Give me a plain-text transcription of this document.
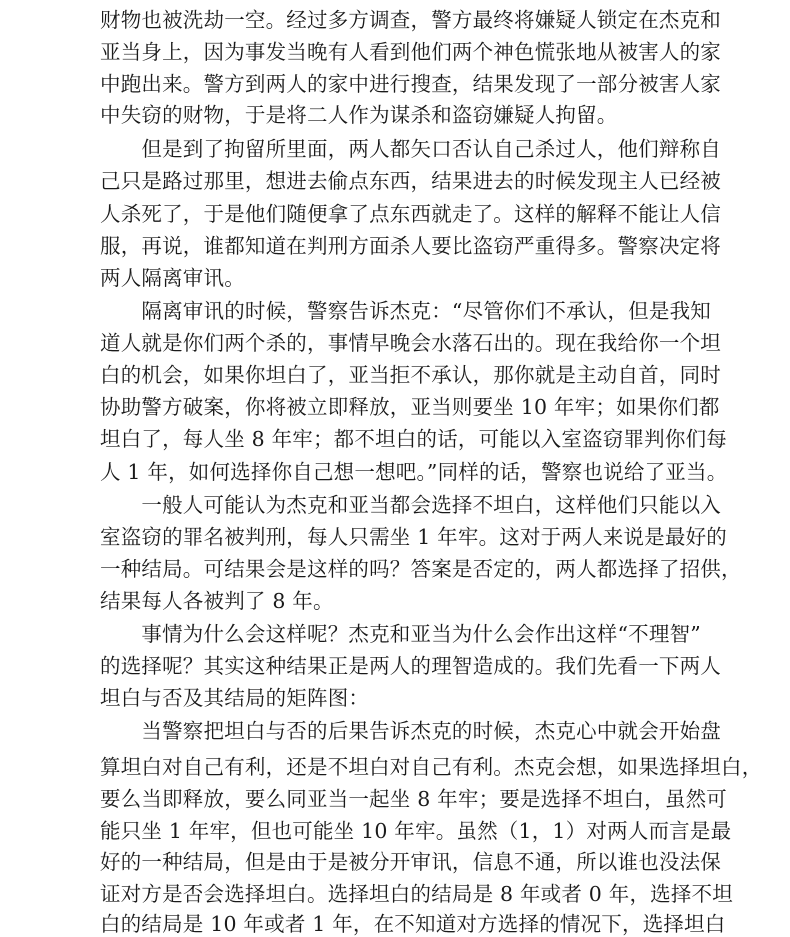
财物也被洗劫一空。经过多方调查，警方最终将嫌疑人锁定在杰克和
亚当身上，因为事发当晚有人看到他们两个神色慌张地从被害人的家
中跑出来。警方到两人的家中进行搜查，结果发现了一部分被害人家
中失窃的财物，于是将二人作为谋杀和盗窃嫌疑人拘留。
　　但是到了拘留所里面，两人都矢口否认自己杀过人，他们辩称自
己只是路过那里，想进去偷点东西，结果进去的时候发现主人已经被
人杀死了，于是他们随便拿了点东西就走了。这样的解释不能让人信
服，再说，谁都知道在判刑方面杀人要比盗窃严重得多。警察决定将
两人隔离审讯。
　　隔离审讯的时候，警察告诉杰克：“尽管你们不承认，但是我知
道人就是你们两个杀的，事情早晚会水落石出的。现在我给你一个坦
白的机会，如果你坦白了，亚当拒不承认，那你就是主动自首，同时
协助警方破案，你将被立即释放，亚当则要坐 10 年牢；如果你们都
坦白了，每人坐 8 年牢；都不坦白的话，可能以入室盗窃罪判你们每
人 1 年，如何选择你自己想一想吧。”同样的话，警察也说给了亚当。
　　一般人可能认为杰克和亚当都会选择不坦白，这样他们只能以入
室盗窃的罪名被判刑，每人只需坐 1 年牢。这对于两人来说是最好的
一种结局。可结果会是这样的吗？答案是否定的，两人都选择了招供，
结果每人各被判了 8 年。
　　事情为什么会这样呢？杰克和亚当为什么会作出这样“不理智”
的选择呢？其实这种结果正是两人的理智造成的。我们先看一下两人
坦白与否及其结局的矩阵图：
　　当警察把坦白与否的后果告诉杰克的时候，杰克心中就会开始盘
算坦白对自己有利，还是不坦白对自己有利。杰克会想，如果选择坦白，
要么当即释放，要么同亚当一起坐 8 年牢；要是选择不坦白，虽然可
能只坐 1 年牢，但也可能坐 10 年牢。虽然（1，1）对两人而言是最
好的一种结局，但是由于是被分开审讯，信息不通，所以谁也没法保
证对方是否会选择坦白。选择坦白的结局是 8 年或者 0 年，选择不坦
白的结局是 10 年或者 1 年，在不知道对方选择的情况下，选择坦白
